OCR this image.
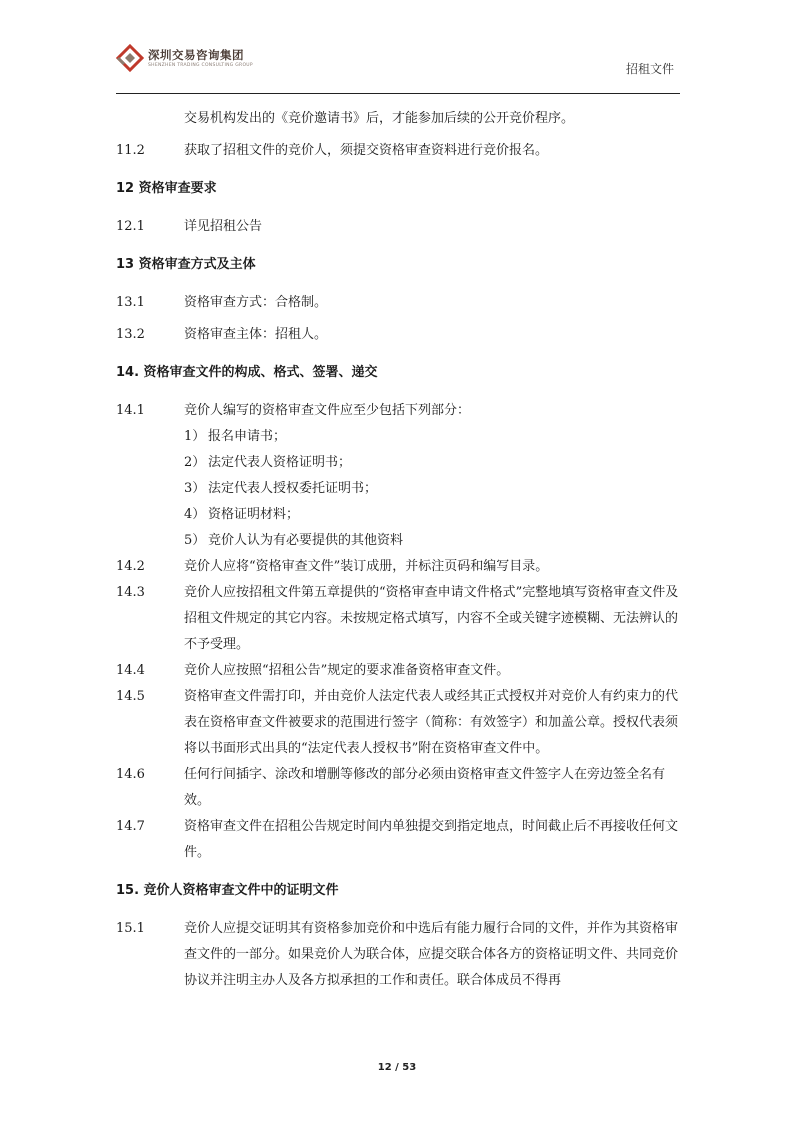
深圳交易咨询集团
SHENZHEN TRADING CONSULTING GROUP	招租文件
交易机构发出的《竞价邀请书》后，才能参加后续的公开竞价程序。
11.2	获取了招租文件的竞价人，须提交资格审查资料进行竞价报名。
12 资格审查要求
12.1	详见招租公告
13 资格审查方式及主体
13.1	资格审查方式：合格制。
13.2	资格审查主体：招租人。
14. 资格审查文件的构成、格式、签署、递交
14.1	竞价人编写的资格审查文件应至少包括下列部分：
1） 报名申请书；
2） 法定代表人资格证明书；
3） 法定代表人授权委托证明书；
4） 资格证明材料；
5） 竞价人认为有必要提供的其他资料
14.2	竞价人应将“资格审查文件”装订成册，并标注页码和编写目录。
14.3	竞价人应按招租文件第五章提供的“资格审查申请文件格式”完整地填写资格审查文件及招租文件规定的其它内容。未按规定格式填写，内容不全或关键字迹模糊、无法辨认的不予受理。
14.4	竞价人应按照“招租公告”规定的要求准备资格审查文件。
14.5	资格审查文件需打印，并由竞价人法定代表人或经其正式授权并对竞价人有约束力的代表在资格审查文件被要求的范围进行签字（简称：有效签字）和加盖公章。授权代表须将以书面形式出具的“法定代表人授权书”附在资格审查文件中。
14.6	任何行间插字、涂改和增删等修改的部分必须由资格审查文件签字人在旁边签全名有效。
14.7	资格审查文件在招租公告规定时间内单独提交到指定地点，时间截止后不再接收任何文件。
15. 竞价人资格审查文件中的证明文件
15.1	竞价人应提交证明其有资格参加竞价和中选后有能力履行合同的文件，并作为其资格审查文件的一部分。如果竞价人为联合体，应提交联合体各方的资格证明文件、共同竞价协议并注明主办人及各方拟承担的工作和责任。联合体成员不得再
12 / 53
